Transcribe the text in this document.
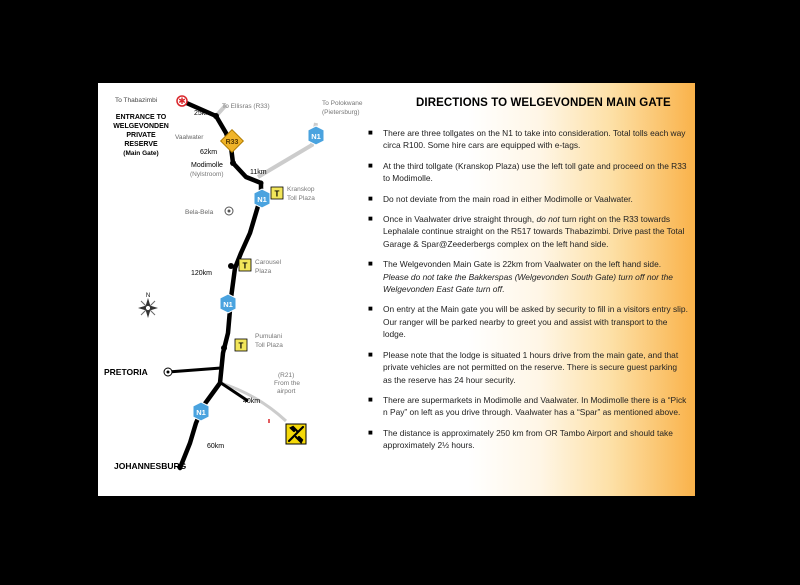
✱
R33
N1
N1
N1
N1
T
T
T
N
To Thabazimbi
25km
To Ellisras (R33)	To Polokwane
(Pietersburg)
ENTRANCE TO
WELGEVONDEN
PRIVATE
RESERVE
(Main Gate)
Vaalwater
62km
Modimolle
(Nylstroom)	11km
Kranskop
Toll Plaza
Bela-Bela
120km
Carousel
Plaza
Pumulani
Toll Plaza
PRETORIA	(R21)
From the
airport
40km
60km
JOHANNESBURG
DIRECTIONS TO WELGEVONDEN MAIN GATE
■ There are three tollgates on the N1 to take into consideration. Total tolls each way circa R100. Some hire cars are equipped with e-tags.
■ At the third tollgate (Kranskop Plaza) use the left toll gate and proceed on the R33 to Modimolle.
■ Do not deviate from the main road in either Modimolle or Vaalwater.
■ Once in Vaalwater drive straight through, do not turn right on the R33 towards Lephalale continue straight on the R517 towards Thabazimbi. Drive past the Total Garage & Spar@Zeederbergs complex on the left hand side.
■ The Welgevonden Main Gate is 22km from Vaalwater on the left hand side. Please do not take the Bakkerspas (Welgevonden South Gate) turn off nor the Welgevonden East Gate turn off.
■ On entry at the Main gate you will be asked by security to fill in a visitors entry slip. Our ranger will be parked nearby to greet you and assist with transport to the lodge.
■ Please note that the lodge is situated 1 hours drive from the main gate, and that private vehicles are not permitted on the reserve. There is secure guest parking as the reserve has 24 hour security.
■ There are supermarkets in Modimolle and Vaalwater. In Modimolle there is a “Pick n Pay” on left as you drive through. Vaalwater has a “Spar” as mentioned above.
■ The distance is approximately 250 km from OR Tambo Airport and should take approximately 2½ hours.
